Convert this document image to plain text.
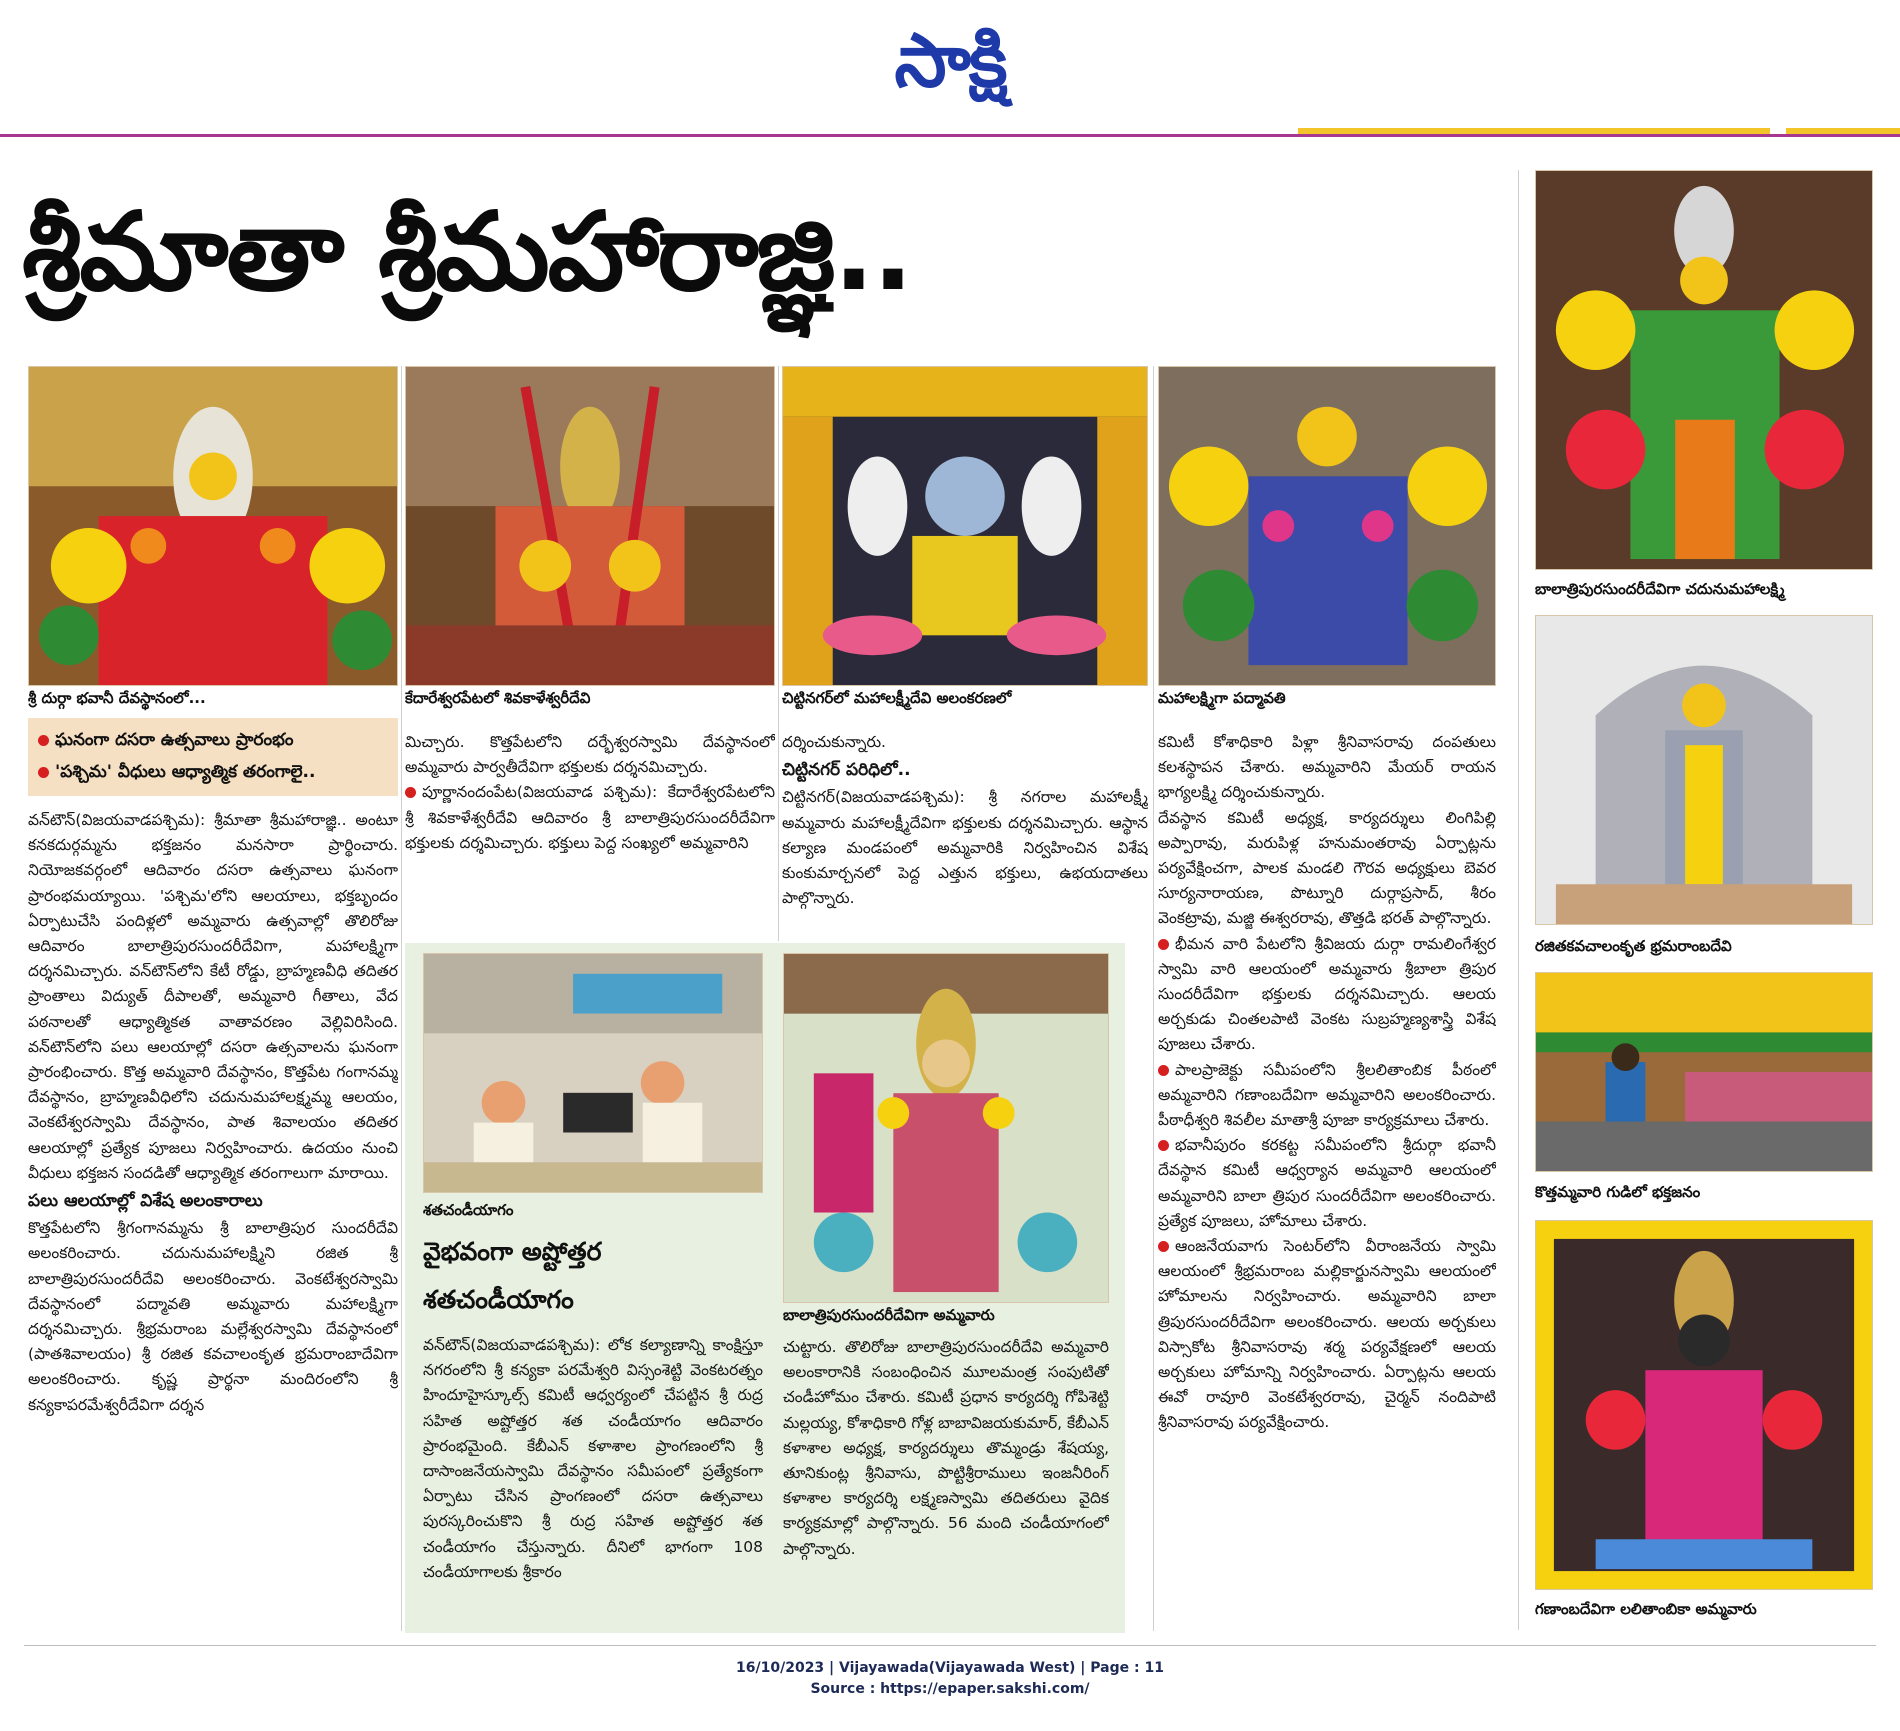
సాక్షి
శ్రీమాతా శ్రీమహారాజ్ఞి..
శ్రీ దుర్గా భవానీ దేవస్థానంలో...	కేదారేశ్వరపేటలో శివకాళేశ్వరీదేవి	చిట్టినగర్‌లో మహాలక్ష్మీదేవి అలంకరణలో	మహాలక్ష్మిగా పద్మావతి
బాలాత్రిపురసుందరీదేవిగా చదునుమహాలక్ష్మి
రజితకవచాలంకృత భ్రమరాంబదేవి
కొత్తమ్మవారి గుడిలో భక్తజనం
గణాంబదేవిగా లలితాంబికా అమ్మవారు
ఘనంగా దసరా ఉత్సవాలు ప్రారంభం
'పశ్చిమ' వీధులు ఆధ్యాత్మిక తరంగాలై..

వన్‌టౌన్‌(విజయవాడపశ్చిమ): శ్రీమాతా శ్రీమహారాజ్ఞి.. అంటూ కనకదుర్గమ్మను భక్తజనం మనసారా ప్రార్థించారు. నియోజకవర్గంలో ఆదివారం దసరా ఉత్సవాలు ఘనంగా ప్రారంభమయ్యాయి. 'పశ్చిమ'లోని ఆలయాలు, భక్తబృందం ఏర్పాటుచేసి పందిళ్లలో అమ్మవారు ఉత్సవాల్లో తొలిరోజు ఆదివారం బాలాత్రిపురసుందరీదేవిగా, మహాలక్ష్మిగా దర్శనమిచ్చారు. వన్‌టౌన్‌లోని కేటీ రోడ్డు, బ్రాహ్మణవీధి తదితర ప్రాంతాలు విద్యుత్‌ దీపాలతో, అమ్మవారి గీతాలు, వేద పఠనాలతో ఆధ్యాత్మికత వాతావరణం వెల్లివిరిసింది. వన్‌టౌన్‌లోని పలు ఆలయాల్లో దసరా ఉత్సవాలను ఘనంగా ప్రారంభించారు. కొత్త అమ్మవారి దేవస్థానం, కొత్తపేట గంగానమ్మ దేవస్థానం, బ్రాహ్మణవీధిలోని చదునుమహాలక్ష్మమ్మ ఆలయం, వెంకటేశ్వరస్వామి దేవస్థానం, పాత శివాలయం తదితర ఆలయాల్లో ప్రత్యేక పూజలు నిర్వహించారు. ఉదయం నుంచి వీధులు భక్తజన సందడితో ఆధ్యాత్మిక తరంగాలుగా మారాయి.

పలు ఆలయాల్లో విశేష అలంకారాలు

కొత్తపేటలోని శ్రీగంగానమ్మను శ్రీ బాలాత్రిపుర సుందరీదేవి అలంకరించారు. చదునుమహాలక్ష్మిని రజిత శ్రీ బాలాత్రిపురసుందరీదేవి అలంకరించారు. వెంకటేశ్వరస్వామి దేవస్థానంలో పద్మావతి అమ్మవారు మహాలక్ష్మిగా దర్శనమిచ్చారు. శ్రీభ్రమరాంబ మల్లేశ్వరస్వామి దేవస్థానంలో (పాతశివాలయం) శ్రీ రజిత కవచాలంకృత భ్రమరాంబాదేవిగా అలంకరించారు. కృష్ణ ప్రార్థనా మందిరంలోని శ్రీ కన్యకాపరమేశ్వరీదేవిగా దర్శన

మిచ్చారు. కొత్తపేటలోని దర్భేశ్వరస్వామి దేవస్థానంలో అమ్మవారు పార్వతీదేవిగా భక్తులకు దర్శనమిచ్చారు.

పూర్ణానందంపేట(విజయవాడ పశ్చిమ): కేదారేశ్వరపేటలోని శ్రీ శివకాళేశ్వరీదేవి ఆదివారం శ్రీ బాలాత్రిపురసుందరీదేవిగా భక్తులకు దర్శమిచ్చారు. భక్తులు పెద్ద సంఖ్యలో అమ్మవారిని

దర్శించుకున్నారు.

చిట్టినగర్‌ పరిధిలో..

చిట్టినగర్‌(విజయవాడపశ్చిమ): శ్రీ నగరాల మహాలక్ష్మీ అమ్మవారు మహాలక్ష్మీదేవిగా భక్తులకు దర్శనమిచ్చారు. ఆస్థాన కల్యాణ మండపంలో అమ్మవారికి నిర్వహించిన విశేష కుంకుమార్చనలో పెద్ద ఎత్తున భక్తులు, ఉభయదాతలు పాల్గొన్నారు.

శతచండీయాగం
వైభవంగా అష్టోత్తర
శతచండీయాగం

వన్‌టౌన్‌(విజయవాడపశ్చిమ): లోక కల్యాణాన్ని కాంక్షిస్తూ నగరంలోని శ్రీ కన్యకా పరమేశ్వరి విస్సంశెట్టి వెంకటరత్నం హిందూహైస్కూల్స్‌ కమిటీ ఆధ్వర్యంలో చేపట్టిన శ్రీ రుద్ర సహిత అష్టోత్తర శత చండీయాగం ఆదివారం ప్రారంభమైంది. కేబీఎన్‌ కళాశాల ప్రాంగణంలోని శ్రీ దాసాంజనేయస్వామి దేవస్థానం సమీపంలో ప్రత్యేకంగా ఏర్పాటు చేసిన ప్రాంగణంలో దసరా ఉత్సవాలు పురస్కరించుకొని శ్రీ రుద్ర సహిత అష్టోత్తర శత చండీయాగం చేస్తున్నారు. దీనిలో భాగంగా 108 చండీయాగాలకు శ్రీకారం

బాలాత్రిపురసుందరీదేవిగా అమ్మవారు

చుట్టారు. తొలిరోజు బాలాత్రిపురసుందరీదేవి అమ్మవారి అలంకారానికి సంబంధించిన మూలమంత్ర సంపుటితో చండీహోమం చేశారు. కమిటీ ప్రధాన కార్యదర్శి గోపిశెట్టి మల్లయ్య, కోశాధికారి గోళ్ల బాబావిజయకుమార్‌, కేబీఎన్‌ కళాశాల అధ్యక్ష, కార్యదర్శులు తొమ్మండ్రు శేషయ్య, తూనికుంట్ల శ్రీనివాసు, పొట్టిశ్రీరాములు ఇంజనీరింగ్‌ కళాశాల కార్యదర్శి లక్ష్మణస్వామి తదితరులు వైదిక కార్యక్రమాల్లో పాల్గొన్నారు. 56 మంది చండీయాగంలో పాల్గొన్నారు.

కమిటీ కోశాధికారి పిళ్లా శ్రీనివాసరావు దంపతులు కలశస్థాపన చేశారు. అమ్మవారిని మేయర్‌ రాయన భాగ్యలక్ష్మి దర్శించుకున్నారు.

దేవస్థాన కమిటీ అధ్యక్ష, కార్యదర్శులు లింగిపిల్లి అప్పారావు, మరుపిళ్ల హనుమంతరావు ఏర్పాట్లను పర్యవేక్షించగా, పాలక మండలి గౌరవ అధ్యక్షులు బెవర సూర్యనారాయణ, పొట్నూరి దుర్గాప్రసాద్‌, శీరం వెంకట్రావు, మజ్జి ఈశ్వరరావు, తొత్తడి భరత్‌ పాల్గొన్నారు.

భీమన వారి పేటలోని శ్రీవిజయ దుర్గా రామలింగేశ్వర స్వామి వారి ఆలయంలో అమ్మవారు శ్రీబాలా త్రిపుర సుందరీదేవిగా భక్తులకు దర్శనమిచ్చారు. ఆలయ అర్చకుడు చింతలపాటి వెంకట సుబ్రహ్మణ్యశాస్త్రి విశేష పూజలు చేశారు.

పాలప్రాజెక్టు సమీపంలోని శ్రీలలితాంబిక పీఠంలో అమ్మవారిని గణాంబదేవిగా అమ్మవారిని అలంకరించారు. పీఠాధీశ్వరి శివలీల మాతాశ్రీ పూజా కార్యక్రమాలు చేశారు.

భవానీపురం కరకట్ట సమీపంలోని శ్రీదుర్గా భవానీ దేవస్థాన కమిటీ ఆధ్వర్యాన అమ్మవారి ఆలయంలో అమ్మవారిని బాలా త్రిపుర సుందరీదేవిగా అలంకరించారు. ప్రత్యేక పూజలు, హోమాలు చేశారు.

ఆంజనేయవాగు సెంటర్‌లోని వీరాంజనేయ స్వామి ఆలయంలో శ్రీభ్రమరాంబ మల్లికార్జునస్వామి ఆలయంలో హోమాలను నిర్వహించారు. అమ్మవారిని బాలా త్రిపురసుందరీదేవిగా అలంకరించారు. ఆలయ అర్చకులు విస్సాకోట శ్రీనివాసరావు శర్మ పర్యవేక్షణలో ఆలయ అర్చకులు హోమాన్ని నిర్వహించారు. ఏర్పాట్లను ఆలయ ఈవో రావూరి వెంకటేశ్వరరావు, చైర్మన్‌ నందిపాటి శ్రీనివాసరావు పర్యవేక్షించారు.

16/10/2023 | Vijayawada(Vijayawada West) | Page : 11
Source : https://epaper.sakshi.com/
